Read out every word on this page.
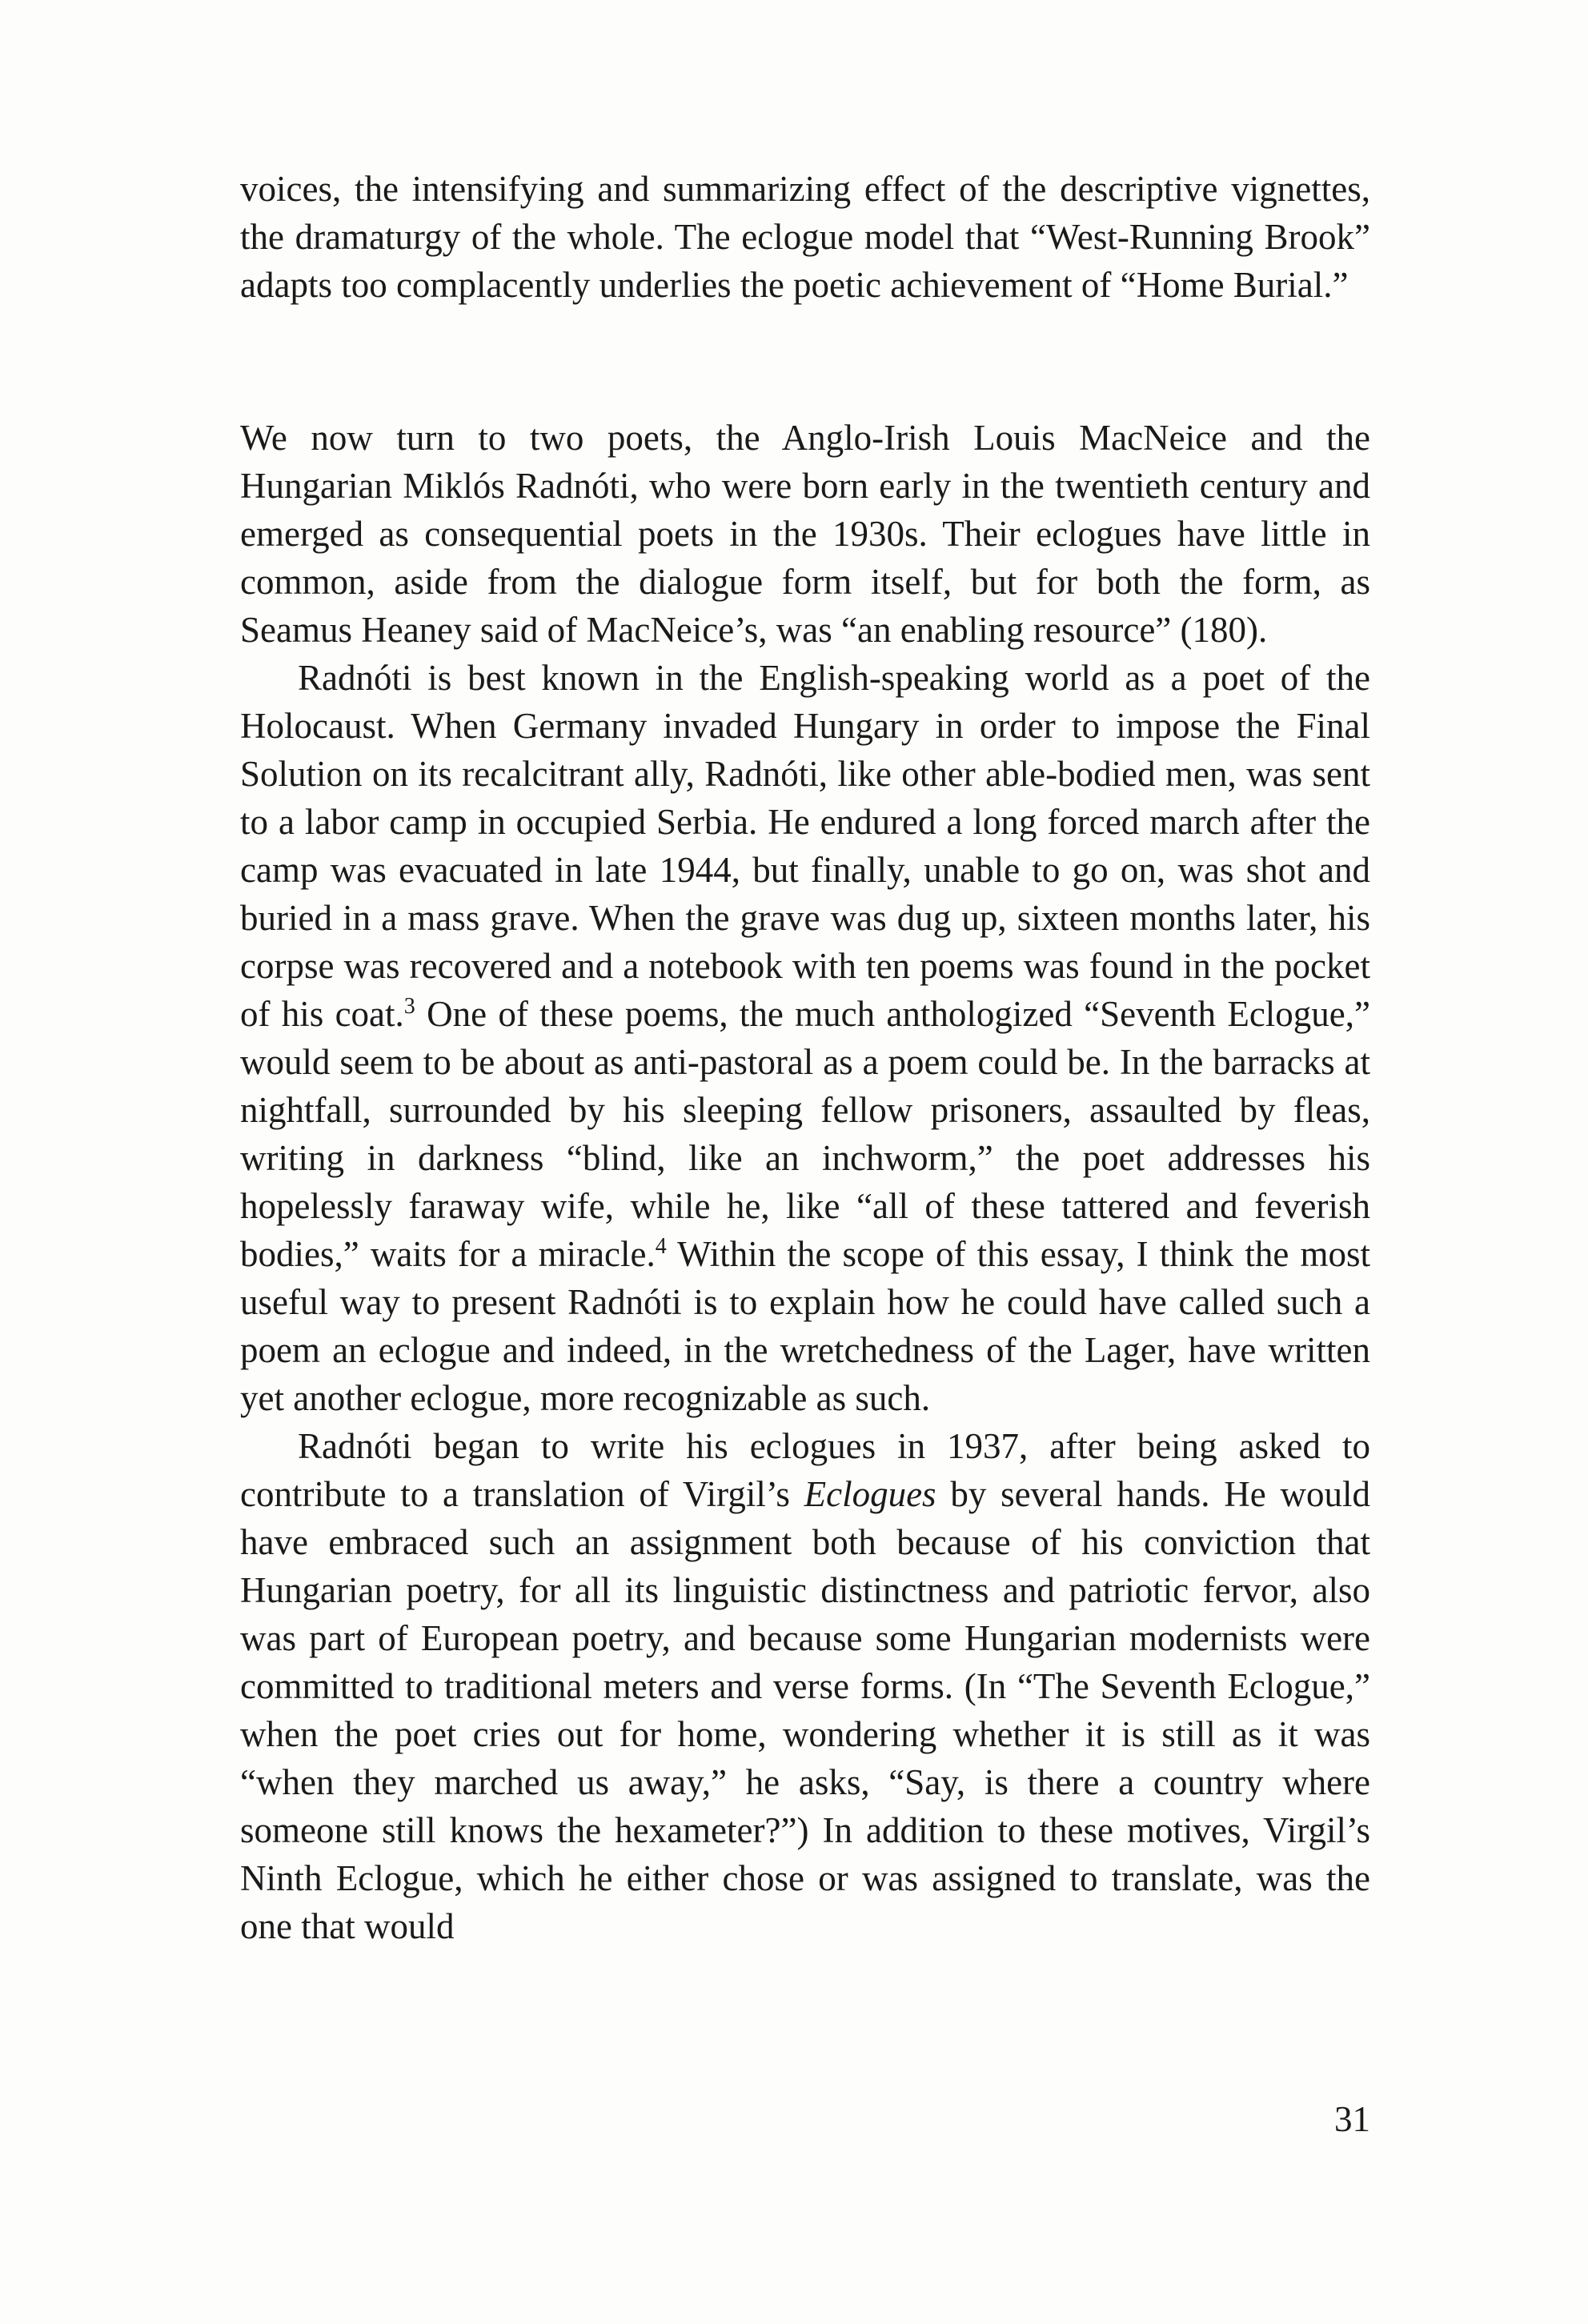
voices, the intensifying and summarizing effect of the descriptive vignettes, the dramaturgy of the whole. The eclogue model that “West-Running Brook” adapts too complacently underlies the poetic achievement of “Home Burial.”

We now turn to two poets, the Anglo-Irish Louis MacNeice and the Hungarian Miklós Radnóti, who were born early in the twentieth century and emerged as consequential poets in the 1930s. Their eclogues have little in common, aside from the dialogue form itself, but for both the form, as Seamus Heaney said of MacNeice’s, was “an enabling resource” (180).

Radnóti is best known in the English-speaking world as a poet of the Holocaust. When Germany invaded Hungary in order to impose the Final Solution on its recalcitrant ally, Radnóti, like other able-bodied men, was sent to a labor camp in occupied Serbia. He endured a long forced march after the camp was evacuated in late 1944, but finally, unable to go on, was shot and buried in a mass grave. When the grave was dug up, sixteen months later, his corpse was recovered and a notebook with ten poems was found in the pocket of his coat.$^3$ One of these poems, the much anthologized “Seventh Eclogue,” would seem to be about as anti-pastoral as a poem could be. In the barracks at nightfall, surrounded by his sleeping fellow prisoners, assaulted by fleas, writing in darkness “blind, like an inchworm,” the poet addresses his hopelessly faraway wife, while he, like “all of these tattered and feverish bodies,” waits for a miracle.$^4$ Within the scope of this essay, I think the most useful way to present Radnóti is to explain how he could have called such a poem an eclogue and indeed, in the wretchedness of the Lager, have written yet another eclogue, more recognizable as such.

Radnóti began to write his eclogues in 1937, after being asked to contribute to a translation of Virgil’s Eclogues by several hands. He would have embraced such an assignment both because of his conviction that Hungarian poetry, for all its linguistic distinctness and patriotic fervor, also was part of European poetry, and because some Hungarian modernists were committed to traditional meters and verse forms. (In “The Seventh Eclogue,” when the poet cries out for home, wondering whether it is still as it was “when they marched us away,” he asks, “Say, is there a country where someone still knows the hexameter?”) In addition to these motives, Virgil’s Ninth Eclogue, which he either chose or was assigned to translate, was the one that would

31
